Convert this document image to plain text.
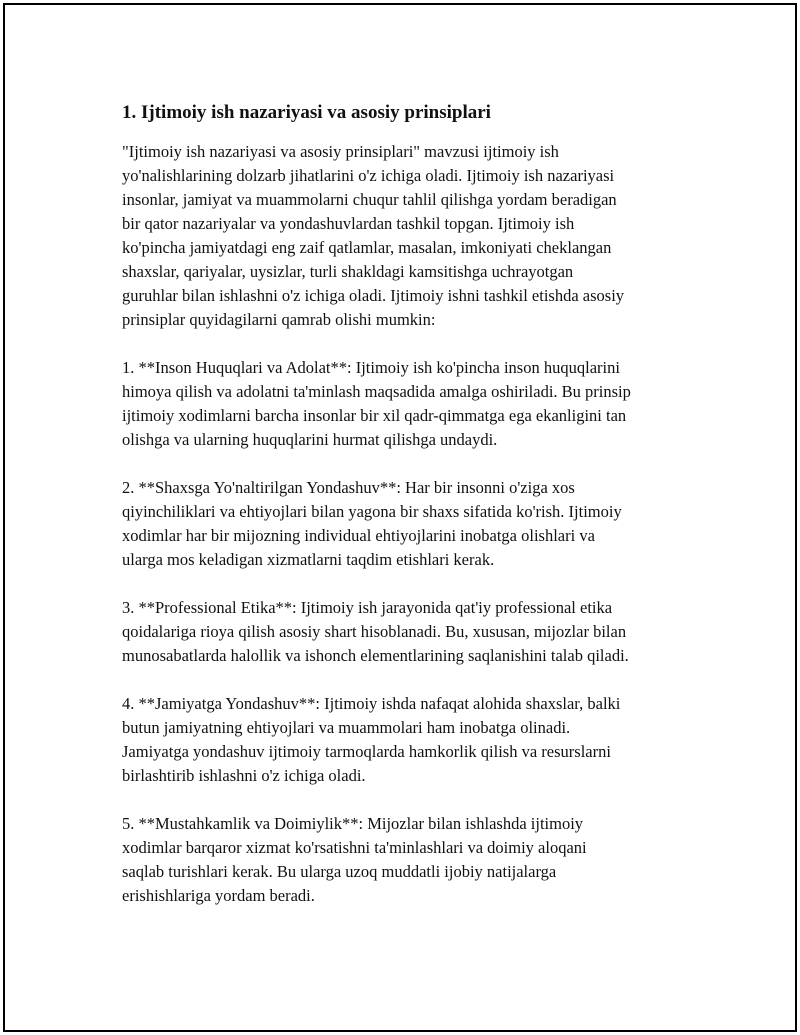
1. Ijtimoiy ish nazariyasi va asosiy prinsiplari
"Ijtimoiy ish nazariyasi va asosiy prinsiplari" mavzusi ijtimoiy ish
yo'nalishlarining dolzarb jihatlarini o'z ichiga oladi. Ijtimoiy ish nazariyasi
insonlar, jamiyat va muammolarni chuqur tahlil qilishga yordam beradigan
bir qator nazariyalar va yondashuvlardan tashkil topgan. Ijtimoiy ish
ko'pincha jamiyatdagi eng zaif qatlamlar, masalan, imkoniyati cheklangan
shaxslar, qariyalar, uysizlar, turli shakldagi kamsitishga uchrayotgan
guruhlar bilan ishlashni o'z ichiga oladi. Ijtimoiy ishni tashkil etishda asosiy
prinsiplar quyidagilarni qamrab olishi mumkin:
1. **Inson Huquqlari va Adolat**: Ijtimoiy ish ko'pincha inson huquqlarini
himoya qilish va adolatni ta'minlash maqsadida amalga oshiriladi. Bu prinsip
ijtimoiy xodimlarni barcha insonlar bir xil qadr-qimmatga ega ekanligini tan
olishga va ularning huquqlarini hurmat qilishga undaydi.
2. **Shaxsga Yo'naltirilgan Yondashuv**: Har bir insonni o'ziga xos
qiyinchiliklari va ehtiyojlari bilan yagona bir shaxs sifatida ko'rish. Ijtimoiy
xodimlar har bir mijozning individual ehtiyojlarini inobatga olishlari va
ularga mos keladigan xizmatlarni taqdim etishlari kerak.
3. **Professional Etika**: Ijtimoiy ish jarayonida qat'iy professional etika
qoidalariga rioya qilish asosiy shart hisoblanadi. Bu, xususan, mijozlar bilan
munosabatlarda halollik va ishonch elementlarining saqlanishini talab qiladi.
4. **Jamiyatga Yondashuv**: Ijtimoiy ishda nafaqat alohida shaxslar, balki
butun jamiyatning ehtiyojlari va muammolari ham inobatga olinadi.
Jamiyatga yondashuv ijtimoiy tarmoqlarda hamkorlik qilish va resurslarni
birlashtirib ishlashni o'z ichiga oladi.
5. **Mustahkamlik va Doimiylik**: Mijozlar bilan ishlashda ijtimoiy
xodimlar barqaror xizmat ko'rsatishni ta'minlashlari va doimiy aloqani
saqlab turishlari kerak. Bu ularga uzoq muddatli ijobiy natijalarga
erishishlariga yordam beradi.
